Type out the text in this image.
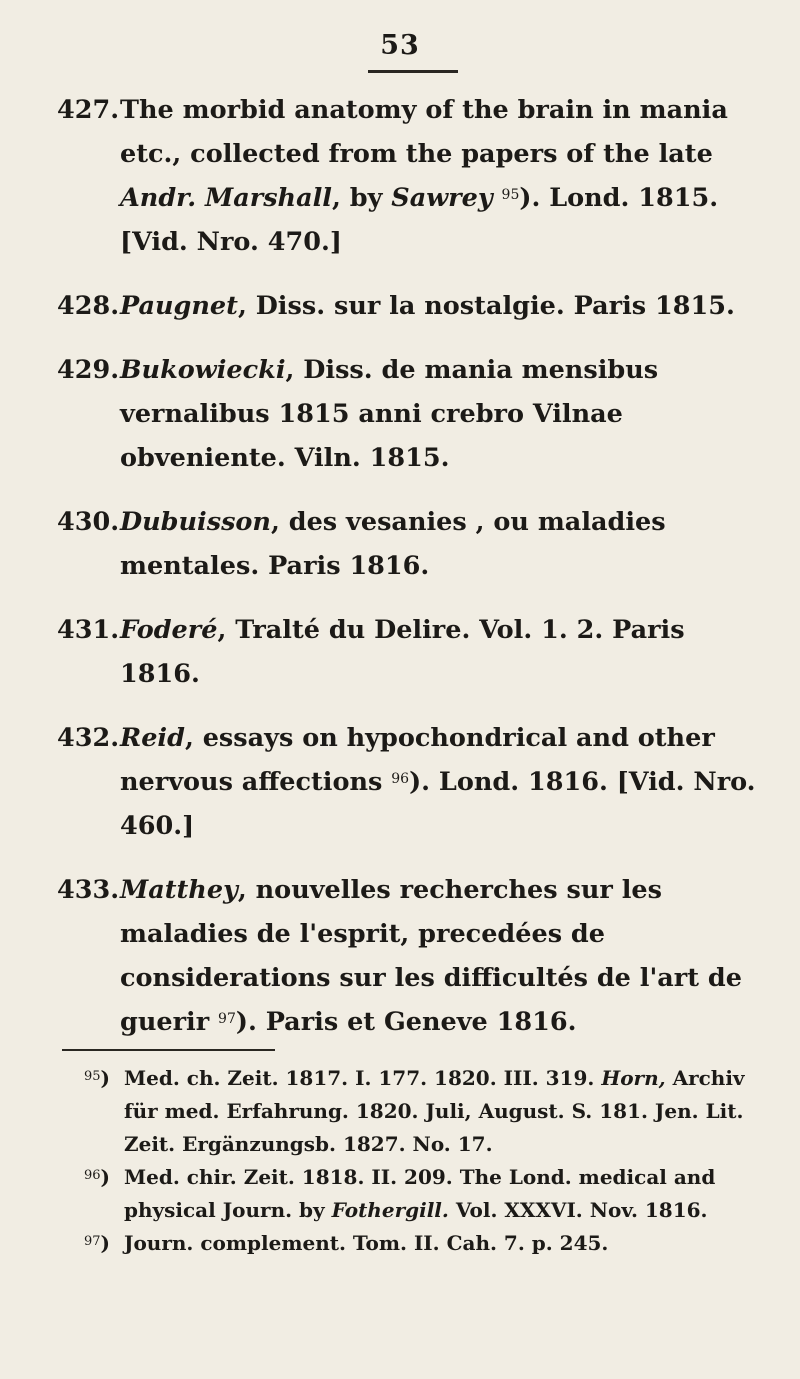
53
427. The morbid anatomy of the brain in mania etc., collected from the papers of the late Andr. Marshall, by Sawrey $^{95}$). Lond. 1815. [Vid. Nro. 470.]
428. Paugnet, Diss. sur la nostalgie. Paris 1815.
429. Bukowiecki, Diss. de mania mensibus vernalibus 1815 anni crebro Vilnae obveniente. Viln. 1815.
430. Dubuisson, des vesanies , ou maladies mentales. Paris 1816.
431. Foderé, Tralté du Delire. Vol. 1. 2. Paris 1816.
432. Reid, essays on hypochondrical and other nervous affections $^{96}$). Lond. 1816. [Vid. Nro. 460.]
433. Matthey, nouvelles recherches sur les maladies de l'esprit, precedées de considerations sur les difficultés de l'art de guerir $^{97}$). Paris et Geneve 1816.
$^{95}$) Med. ch. Zeit. 1817. I. 177. 1820. III. 319. Horn, Archiv für med. Erfahrung. 1820. Juli, August. S. 181. Jen. Lit. Zeit. Ergänzungsb. 1827. No. 17.
$^{96}$) Med. chir. Zeit. 1818. II. 209. The Lond. medical and physical Journ. by Fothergill. Vol. XXXVI. Nov. 1816.
$^{97}$) Journ. complement. Tom. II. Cah. 7. p. 245.
